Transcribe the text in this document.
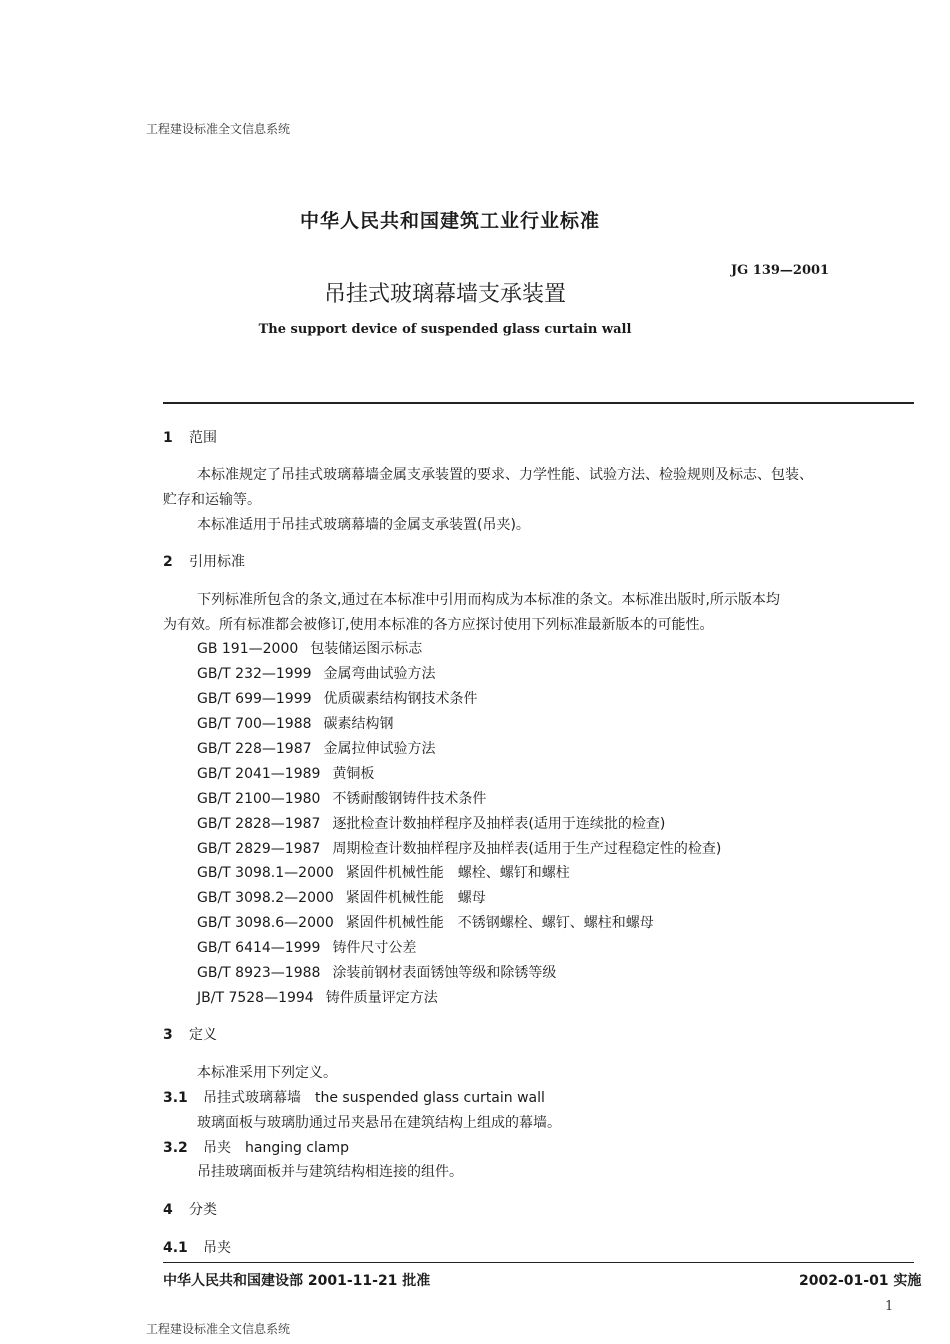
工程建设标准全文信息系统
中华人民共和国建筑工业行业标准
JG 139—2001
吊挂式玻璃幕墙支承装置
The support device of suspended glass curtain wall
1 范围
本标准规定了吊挂式玻璃幕墙金属支承装置的要求、力学性能、试验方法、检验规则及标志、包装、
贮存和运输等。
本标准适用于吊挂式玻璃幕墙的金属支承装置(吊夹)。
2 引用标准
下列标准所包含的条文,通过在本标准中引用而构成为本标准的条文。本标准出版时,所示版本均
为有效。所有标准都会被修订,使用本标准的各方应探讨使用下列标准最新版本的可能性。
GB 191—2000 包装储运图示标志
GB/T 232—1999 金属弯曲试验方法
GB/T 699—1999 优质碳素结构钢技术条件
GB/T 700—1988 碳素结构钢
GB/T 228—1987 金属拉伸试验方法
GB/T 2041—1989 黄铜板
GB/T 2100—1980 不锈耐酸钢铸件技术条件
GB/T 2828—1987 逐批检查计数抽样程序及抽样表(适用于连续批的检查)
GB/T 2829—1987 周期检查计数抽样程序及抽样表(适用于生产过程稳定性的检查)
GB/T 3098.1—2000 紧固件机械性能　螺栓、螺钉和螺柱
GB/T 3098.2—2000 紧固件机械性能　螺母
GB/T 3098.6—2000 紧固件机械性能　不锈钢螺栓、螺钉、螺柱和螺母
GB/T 6414—1999 铸件尺寸公差
GB/T 8923—1988 涂装前钢材表面锈蚀等级和除锈等级
JB/T 7528—1994 铸件质量评定方法
3 定义
本标准采用下列定义。
3.1 吊挂式玻璃幕墙 the suspended glass curtain wall
玻璃面板与玻璃肋通过吊夹悬吊在建筑结构上组成的幕墙。
3.2 吊夹 hanging clamp
吊挂玻璃面板并与建筑结构相连接的组件。
4 分类
4.1 吊夹
中华人民共和国建设部 2001-11-21 批准	2002-01-01 实施
1
工程建设标准全文信息系统
